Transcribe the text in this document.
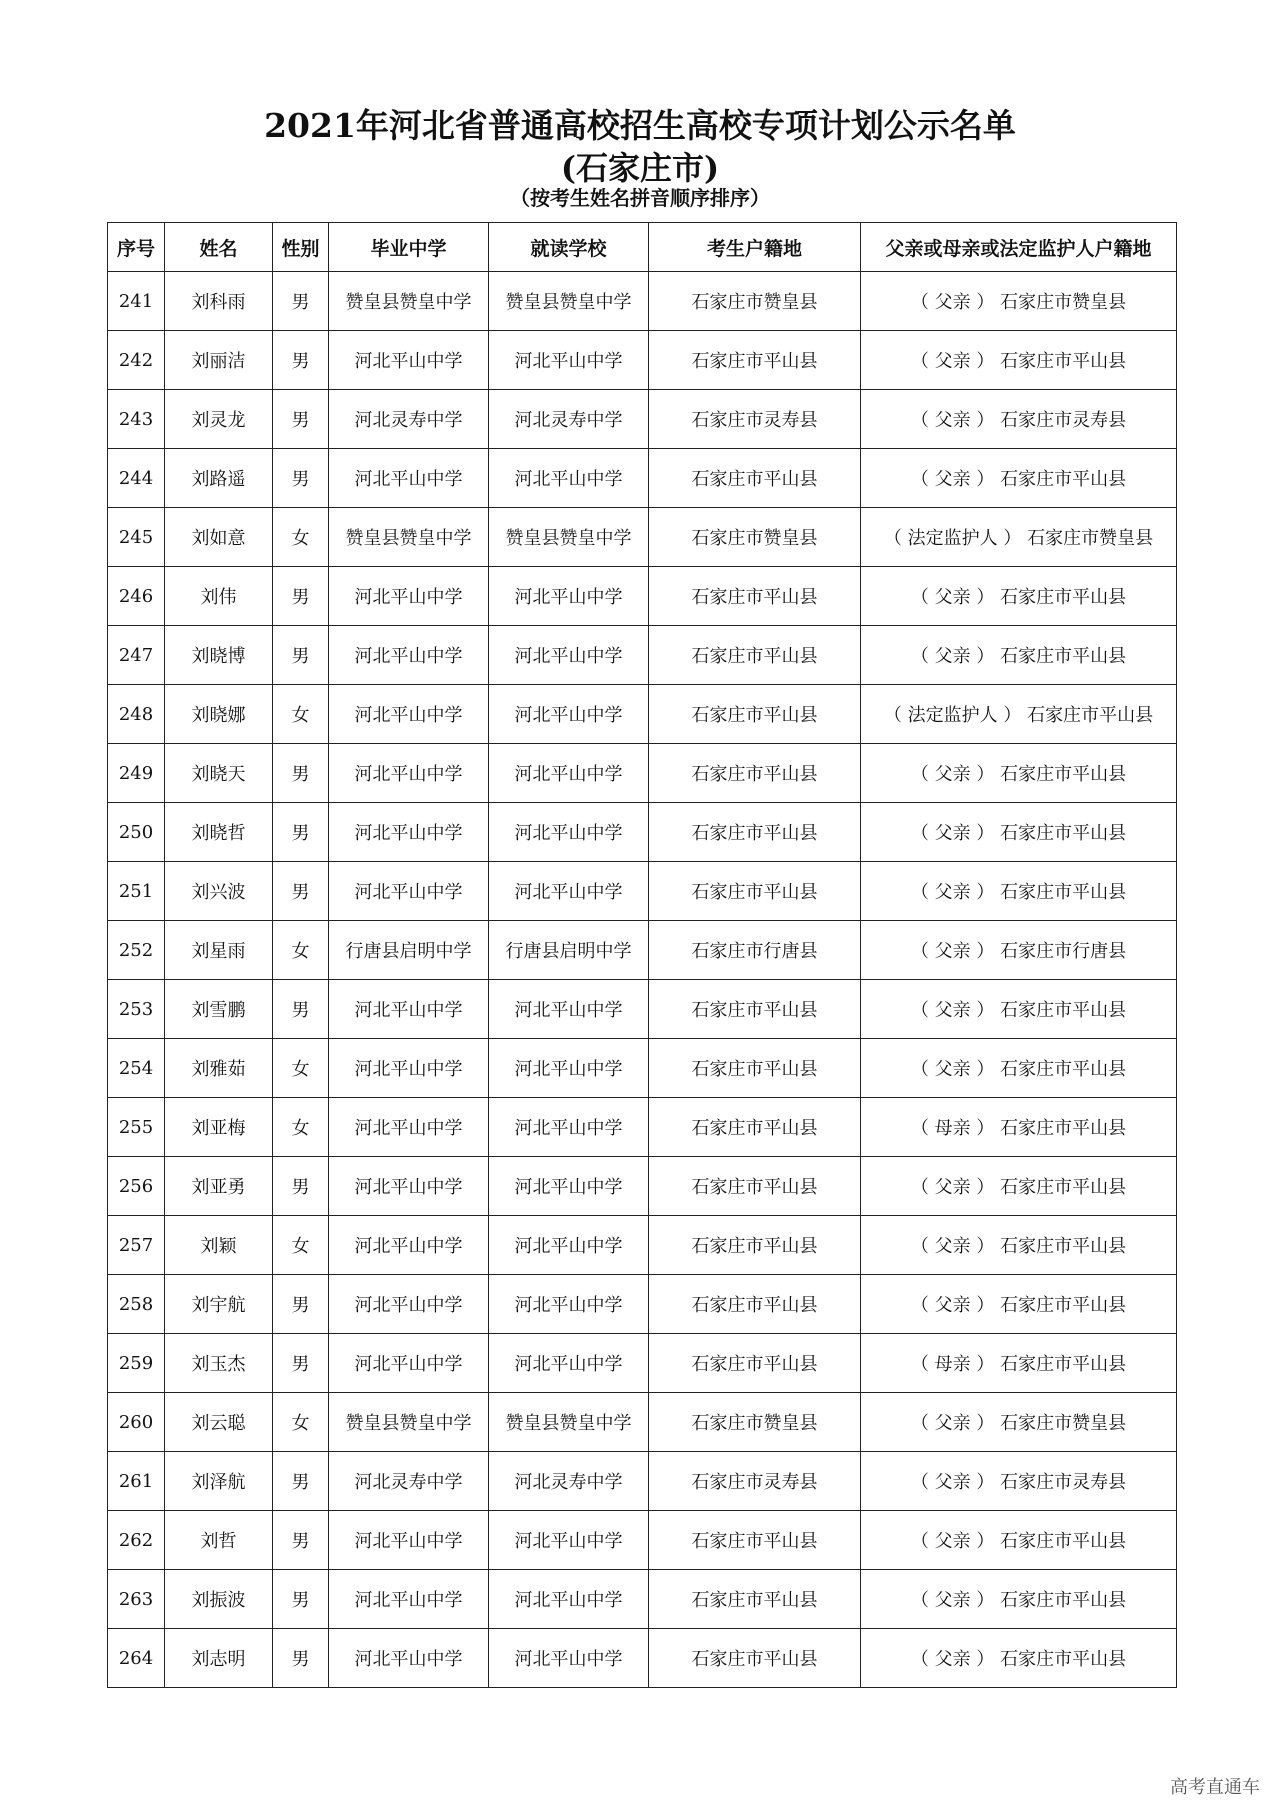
2021年河北省普通高校招生高校专项计划公示名单
(石家庄市)
（按考生姓名拼音顺序排序）
序号	姓名	性别	毕业中学	就读学校	考生户籍地	父亲或母亲或法定监护人户籍地
241	刘科雨	男	赞皇县赞皇中学	赞皇县赞皇中学	石家庄市赞皇县	（ 父亲 ） 石家庄市赞皇县
242	刘丽洁	男	河北平山中学	河北平山中学	石家庄市平山县	（ 父亲 ） 石家庄市平山县
243	刘灵龙	男	河北灵寿中学	河北灵寿中学	石家庄市灵寿县	（ 父亲 ） 石家庄市灵寿县
244	刘路遥	男	河北平山中学	河北平山中学	石家庄市平山县	（ 父亲 ） 石家庄市平山县
245	刘如意	女	赞皇县赞皇中学	赞皇县赞皇中学	石家庄市赞皇县	（ 法定监护人 ） 石家庄市赞皇县
246	刘伟	男	河北平山中学	河北平山中学	石家庄市平山县	（ 父亲 ） 石家庄市平山县
247	刘晓博	男	河北平山中学	河北平山中学	石家庄市平山县	（ 父亲 ） 石家庄市平山县
248	刘晓娜	女	河北平山中学	河北平山中学	石家庄市平山县	（ 法定监护人 ） 石家庄市平山县
249	刘晓天	男	河北平山中学	河北平山中学	石家庄市平山县	（ 父亲 ） 石家庄市平山县
250	刘晓哲	男	河北平山中学	河北平山中学	石家庄市平山县	（ 父亲 ） 石家庄市平山县
251	刘兴波	男	河北平山中学	河北平山中学	石家庄市平山县	（ 父亲 ） 石家庄市平山县
252	刘星雨	女	行唐县启明中学	行唐县启明中学	石家庄市行唐县	（ 父亲 ） 石家庄市行唐县
253	刘雪鹏	男	河北平山中学	河北平山中学	石家庄市平山县	（ 父亲 ） 石家庄市平山县
254	刘雅茹	女	河北平山中学	河北平山中学	石家庄市平山县	（ 父亲 ） 石家庄市平山县
255	刘亚梅	女	河北平山中学	河北平山中学	石家庄市平山县	（ 母亲 ） 石家庄市平山县
256	刘亚勇	男	河北平山中学	河北平山中学	石家庄市平山县	（ 父亲 ） 石家庄市平山县
257	刘颖	女	河北平山中学	河北平山中学	石家庄市平山县	（ 父亲 ） 石家庄市平山县
258	刘宇航	男	河北平山中学	河北平山中学	石家庄市平山县	（ 父亲 ） 石家庄市平山县
259	刘玉杰	男	河北平山中学	河北平山中学	石家庄市平山县	（ 母亲 ） 石家庄市平山县
260	刘云聪	女	赞皇县赞皇中学	赞皇县赞皇中学	石家庄市赞皇县	（ 父亲 ） 石家庄市赞皇县
261	刘泽航	男	河北灵寿中学	河北灵寿中学	石家庄市灵寿县	（ 父亲 ） 石家庄市灵寿县
262	刘哲	男	河北平山中学	河北平山中学	石家庄市平山县	（ 父亲 ） 石家庄市平山县
263	刘振波	男	河北平山中学	河北平山中学	石家庄市平山县	（ 父亲 ） 石家庄市平山县
264	刘志明	男	河北平山中学	河北平山中学	石家庄市平山县	（ 父亲 ） 石家庄市平山县
高考直通车
